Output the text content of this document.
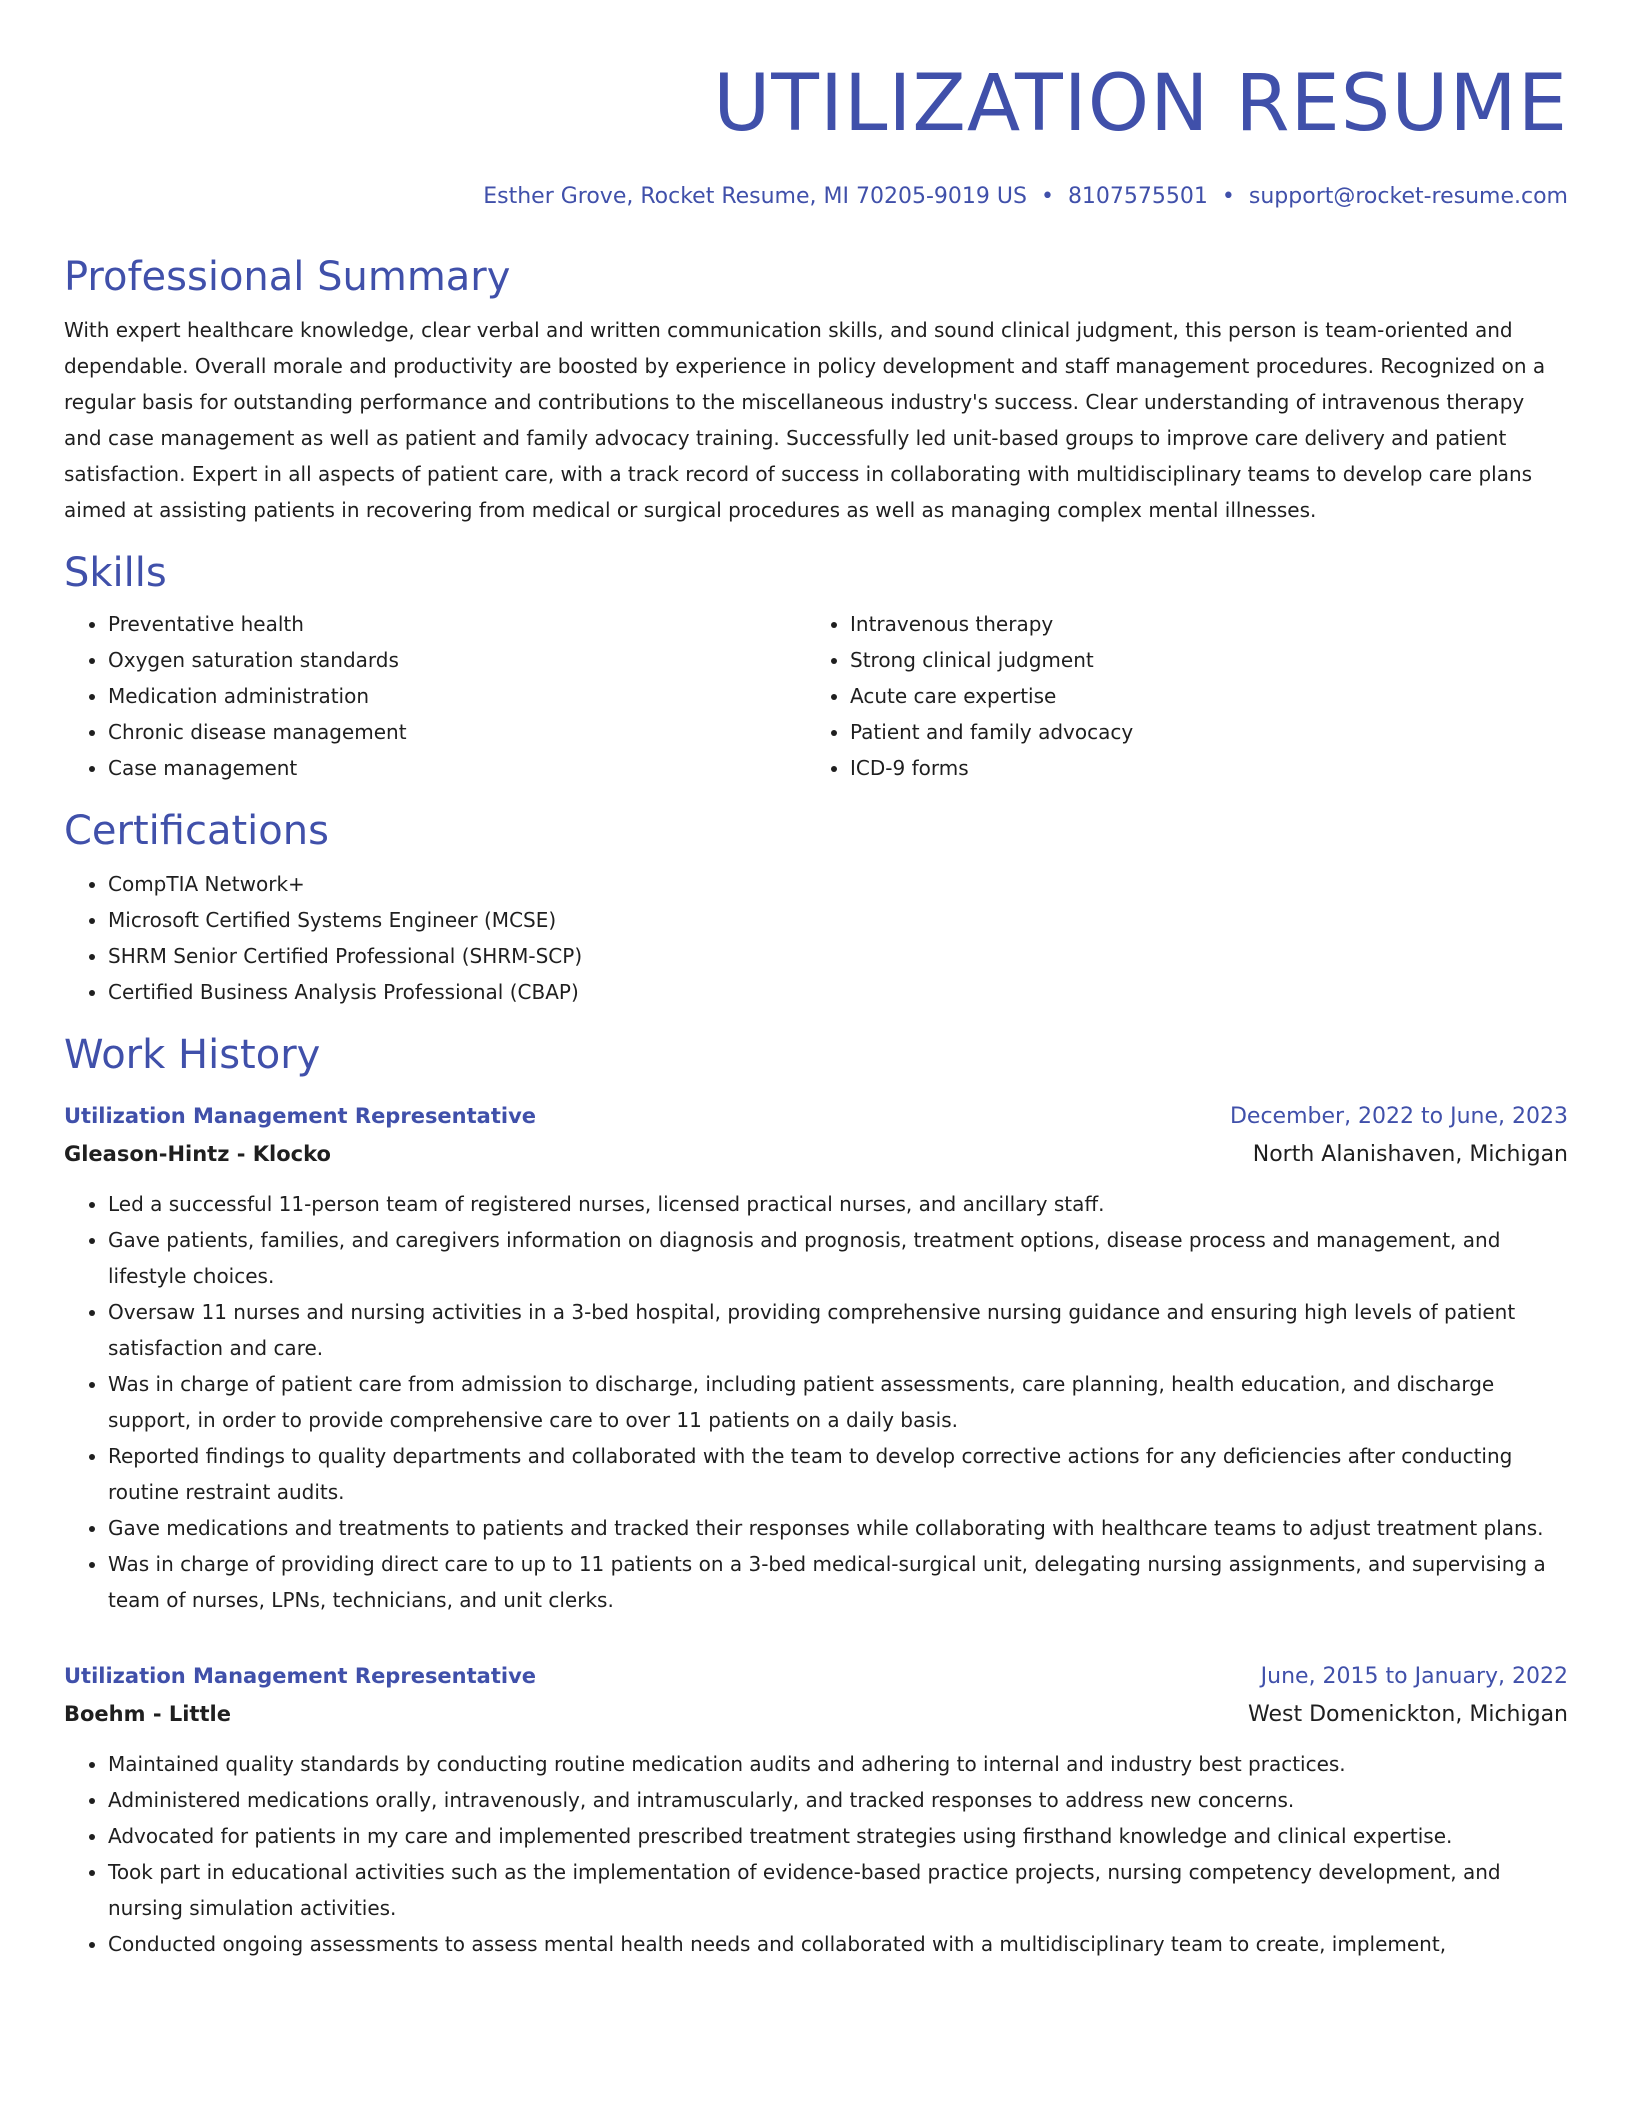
UTILIZATION RESUME
Esther Grove, Rocket Resume, MI 70205-9019 US • 8107575501 • support@rocket-resume.com
Professional Summary

With expert healthcare knowledge, clear verbal and written communication skills, and sound clinical judgment, this person is team-oriented and dependable. Overall morale and productivity are boosted by experience in policy development and staff management procedures. Recognized on a regular basis for outstanding performance and contributions to the miscellaneous industry's success. Clear understanding of intravenous therapy and case management as well as patient and family advocacy training. Successfully led unit-based groups to improve care delivery and patient satisfaction. Expert in all aspects of patient care, with a track record of success in collaborating with multidisciplinary teams to develop care plans aimed at assisting patients in recovering from medical or surgical procedures as well as managing complex mental illnesses.

Skills
• Preventative health
• Oxygen saturation standards
• Medication administration
• Chronic disease management
• Case management
• Intravenous therapy
• Strong clinical judgment
• Acute care expertise
• Patient and family advocacy
• ICD-9 forms
Certifications
• CompTIA Network+
• Microsoft Certified Systems Engineer (MCSE)
• SHRM Senior Certified Professional (SHRM-SCP)
• Certified Business Analysis Professional (CBAP)
Work History
Utilization Management Representative	December, 2022 to June, 2023
Gleason-Hintz - Klocko	North Alanishaven, Michigan
• Led a successful 11-person team of registered nurses, licensed practical nurses, and ancillary staff.
• Gave patients, families, and caregivers information on diagnosis and prognosis, treatment options, disease process and management, and lifestyle choices.
• Oversaw 11 nurses and nursing activities in a 3-bed hospital, providing comprehensive nursing guidance and ensuring high levels of patient satisfaction and care.
• Was in charge of patient care from admission to discharge, including patient assessments, care planning, health education, and discharge support, in order to provide comprehensive care to over 11 patients on a daily basis.
• Reported findings to quality departments and collaborated with the team to develop corrective actions for any deficiencies after conducting routine restraint audits.
• Gave medications and treatments to patients and tracked their responses while collaborating with healthcare teams to adjust treatment plans.
• Was in charge of providing direct care to up to 11 patients on a 3-bed medical-surgical unit, delegating nursing assignments, and supervising a team of nurses, LPNs, technicians, and unit clerks.
Utilization Management Representative	June, 2015 to January, 2022
Boehm - Little	West Domenickton, Michigan
• Maintained quality standards by conducting routine medication audits and adhering to internal and industry best practices.
• Administered medications orally, intravenously, and intramuscularly, and tracked responses to address new concerns.
• Advocated for patients in my care and implemented prescribed treatment strategies using firsthand knowledge and clinical expertise.
• Took part in educational activities such as the implementation of evidence-based practice projects, nursing competency development, and nursing simulation activities.
• Conducted ongoing assessments to assess mental health needs and collaborated with a multidisciplinary team to create, implement,
